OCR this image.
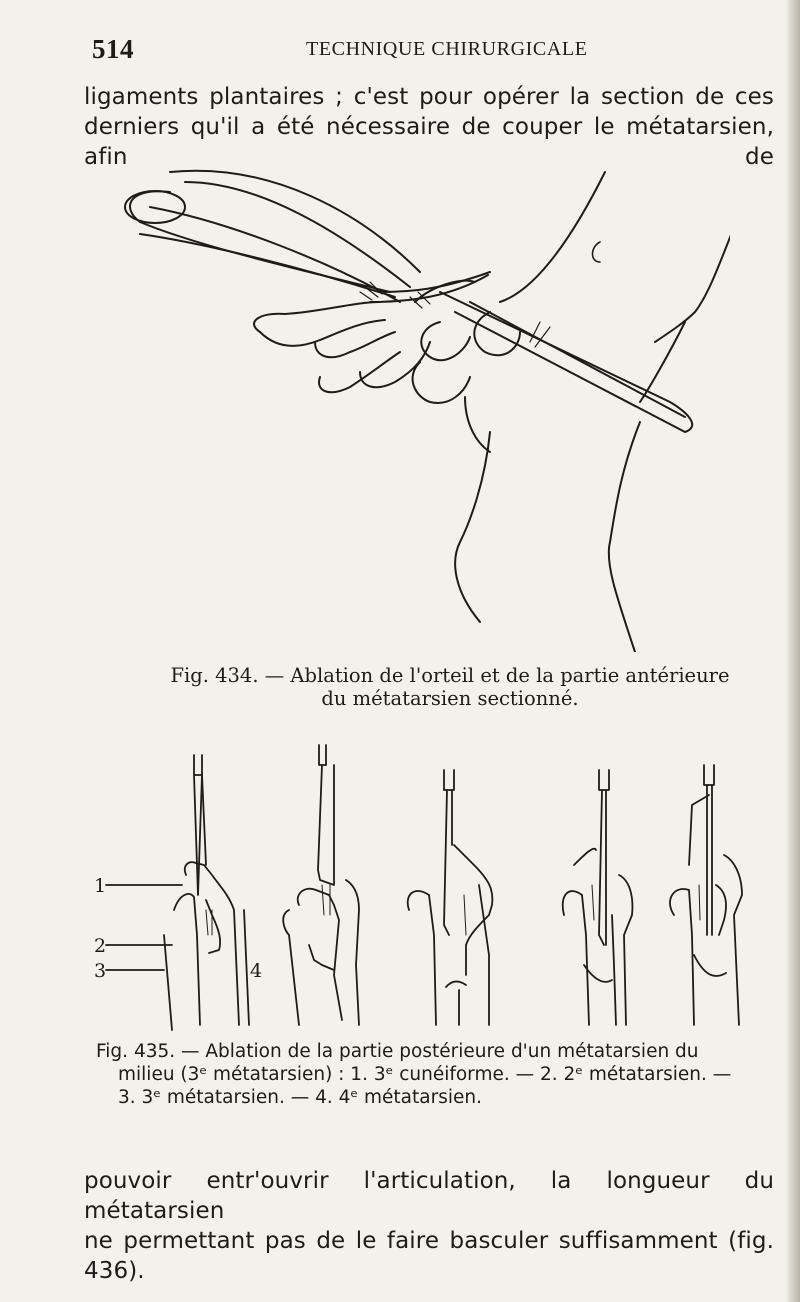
514	TECHNIQUE CHIRURGICALE
ligaments plantaires ; c'est pour opérer la section de ces
derniers qu'il a été nécessaire de couper le métatarsien, afin de
Fig. 434. — Ablation de l'orteil et de la partie antérieure
du métatarsien sectionné.
1
2
3	4
Fig. 435. — Ablation de la partie postérieure d'un métatarsien du
milieu (3ᵉ métatarsien) : 1. 3ᵉ cunéiforme. — 2. 2ᵉ métatarsien. —
3. 3ᵉ métatarsien. — 4. 4ᵉ métatarsien.
pouvoir entr'ouvrir l'articulation, la longueur du métatarsien
ne permettant pas de le faire basculer suffisamment (fig. 436).
